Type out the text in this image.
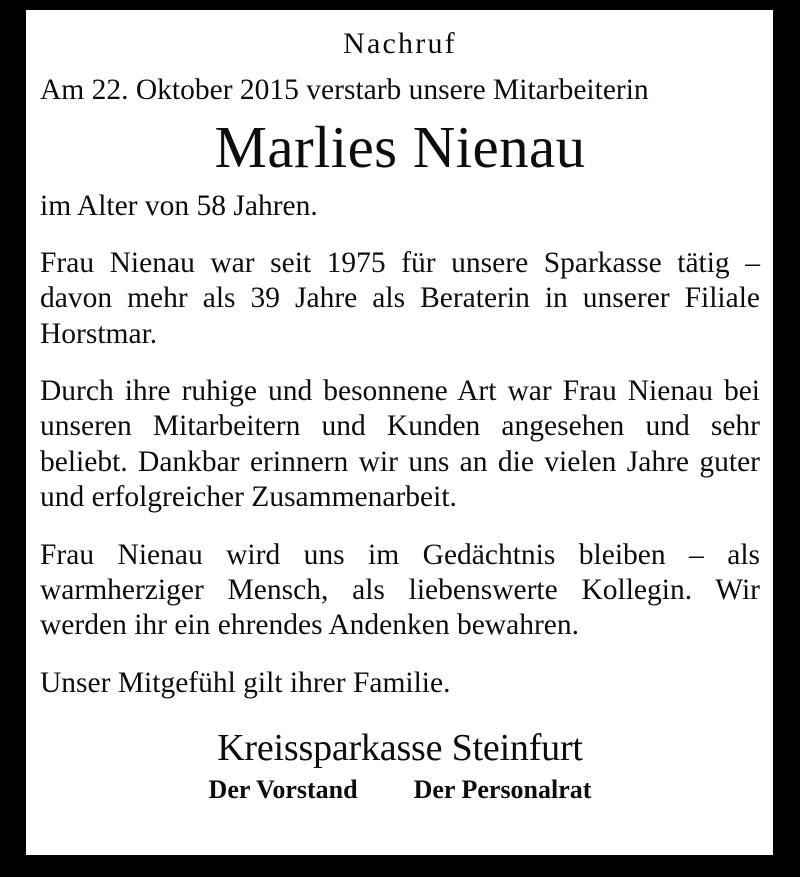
Nachruf
Am 22. Oktober 2015 verstarb unsere Mitarbeiterin
Marlies Nienau
im Alter von 58 Jahren.

Frau Nienau war seit 1975 für unsere Sparkasse tätig – davon mehr als 39 Jahre als Beraterin in unserer Filiale Horstmar.

Durch ihre ruhige und besonnene Art war Frau Nienau bei unseren Mitarbeitern und Kunden angesehen und sehr beliebt. Dankbar erinnern wir uns an die vielen Jahre guter und erfolgreicher Zusammenarbeit.

Frau Nienau wird uns im Gedächtnis bleiben – als warmherziger Mensch, als liebenswerte Kollegin. Wir werden ihr ein ehrendes Andenken bewahren.

Unser Mitgefühl gilt ihrer Familie.

Kreissparkasse Steinfurt
Der Vorstand Der Personalrat
